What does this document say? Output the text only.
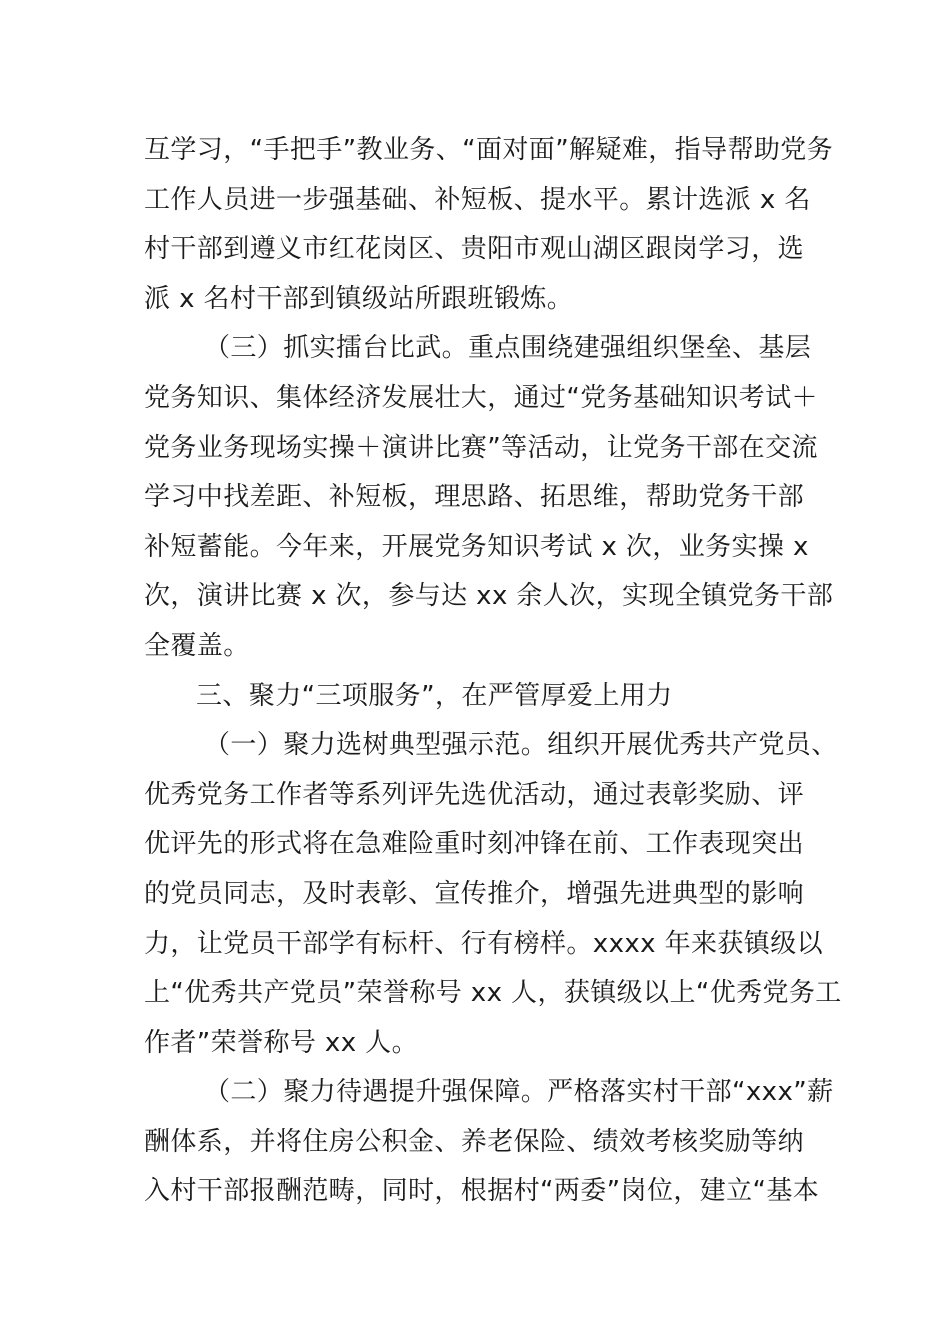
互学习，“手把手”教业务、“面对面”解疑难，指导帮助党务
工作人员进一步强基础、补短板、提水平。累计选派 x 名
村干部到遵义市红花岗区、贵阳市观山湖区跟岗学习，选
派 x 名村干部到镇级站所跟班锻炼。
（三）抓实擂台比武。重点围绕建强组织堡垒、基层
党务知识、集体经济发展壮大，通过“党务基础知识考试＋
党务业务现场实操＋演讲比赛”等活动，让党务干部在交流
学习中找差距、补短板，理思路、拓思维，帮助党务干部
补短蓄能。今年来，开展党务知识考试 x 次，业务实操 x
次，演讲比赛 x 次，参与达 xx 余人次，实现全镇党务干部
全覆盖。
三、聚力“三项服务”，在严管厚爱上用力
（一）聚力选树典型强示范。组织开展优秀共产党员、
优秀党务工作者等系列评先选优活动，通过表彰奖励、评
优评先的形式将在急难险重时刻冲锋在前、工作表现突出
的党员同志，及时表彰、宣传推介，增强先进典型的影响
力，让党员干部学有标杆、行有榜样。xxxx 年来获镇级以
上“优秀共产党员”荣誉称号 xx 人，获镇级以上“优秀党务工
作者”荣誉称号 xx 人。
（二）聚力待遇提升强保障。严格落实村干部“xxx”薪
酬体系，并将住房公积金、养老保险、绩效考核奖励等纳
入村干部报酬范畴，同时，根据村“两委”岗位，建立“基本
